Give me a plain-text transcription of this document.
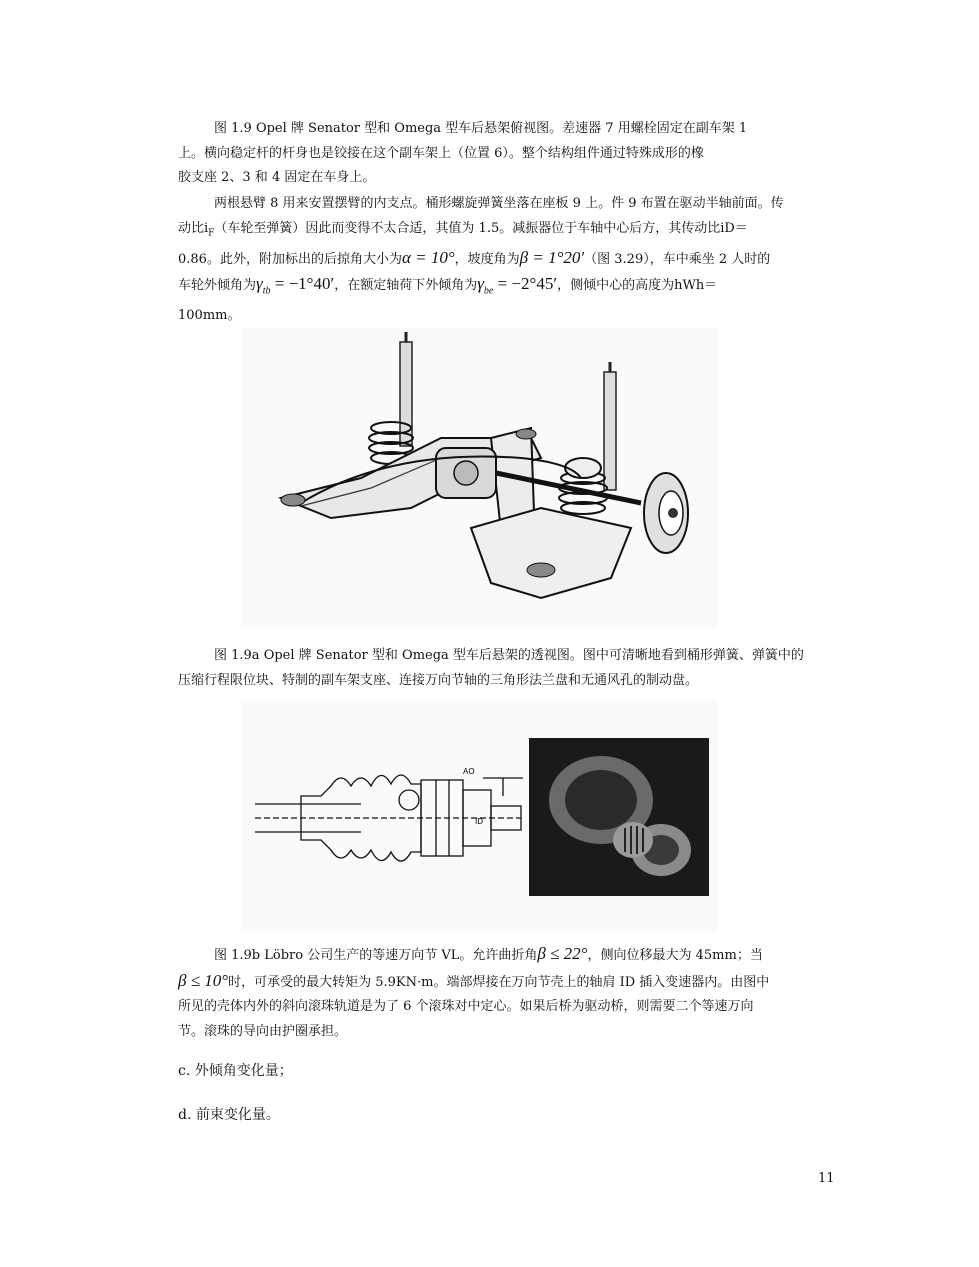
图 1.9 Opel 牌 Senator 型和 Omega 型车后悬架俯视图。差速器 7 用螺栓固定在副车架 1

上。横向稳定杆的杆身也是铰接在这个副车架上（位置 6）。整个结构组件通过特殊成形的橡

胶支座 2、3 和 4 固定在车身上。

两根悬臂 8 用来安置摆臂的内支点。桶形螺旋弹簧坐落在座板 9 上。件 9 布置在驱动半轴前面。传

动比$i_F$（车轮至弹簧）因此而变得不太合适，其值为 1.5。减振器位于车轴中心后方，其传动比iD＝

0.86。此外，附加标出的后掠角大小为α = 10°，坡度角为β = 1°20′（图 3.29），车中乘坐 2 人时的

车轮外倾角为$\gamma_{tb} = -1^\circ 40'$，在额定轴荷下外倾角为$\gamma_{be} = -2^\circ 45'$，侧倾中心的高度为hWh＝

100mm。

图 1.9a Opel 牌 Senator 型和 Omega 型车后悬架的透视图。图中可清晰地看到桶形弹簧、弹簧中的

压缩行程限位块、特制的副车架支座、连接万向节轴的三角形法兰盘和无通风孔的制动盘。

AO
ID

图 1.9b Löbro 公司生产的等速万向节 VL。允许曲折角β ≤ 22°，侧向位移最大为 45mm；当

β ≤ 10°时，可承受的最大转矩为 5.9KN·m。端部焊接在万向节壳上的轴肩 ID 插入变速器内。由图中

所见的壳体内外的斜向滚珠轨道是为了 6 个滚珠对中定心。如果后桥为驱动桥，则需要二个等速万向

节。滚珠的导向由护圈承担。

c. 外倾角变化量；
d. 前束变化量。
11
